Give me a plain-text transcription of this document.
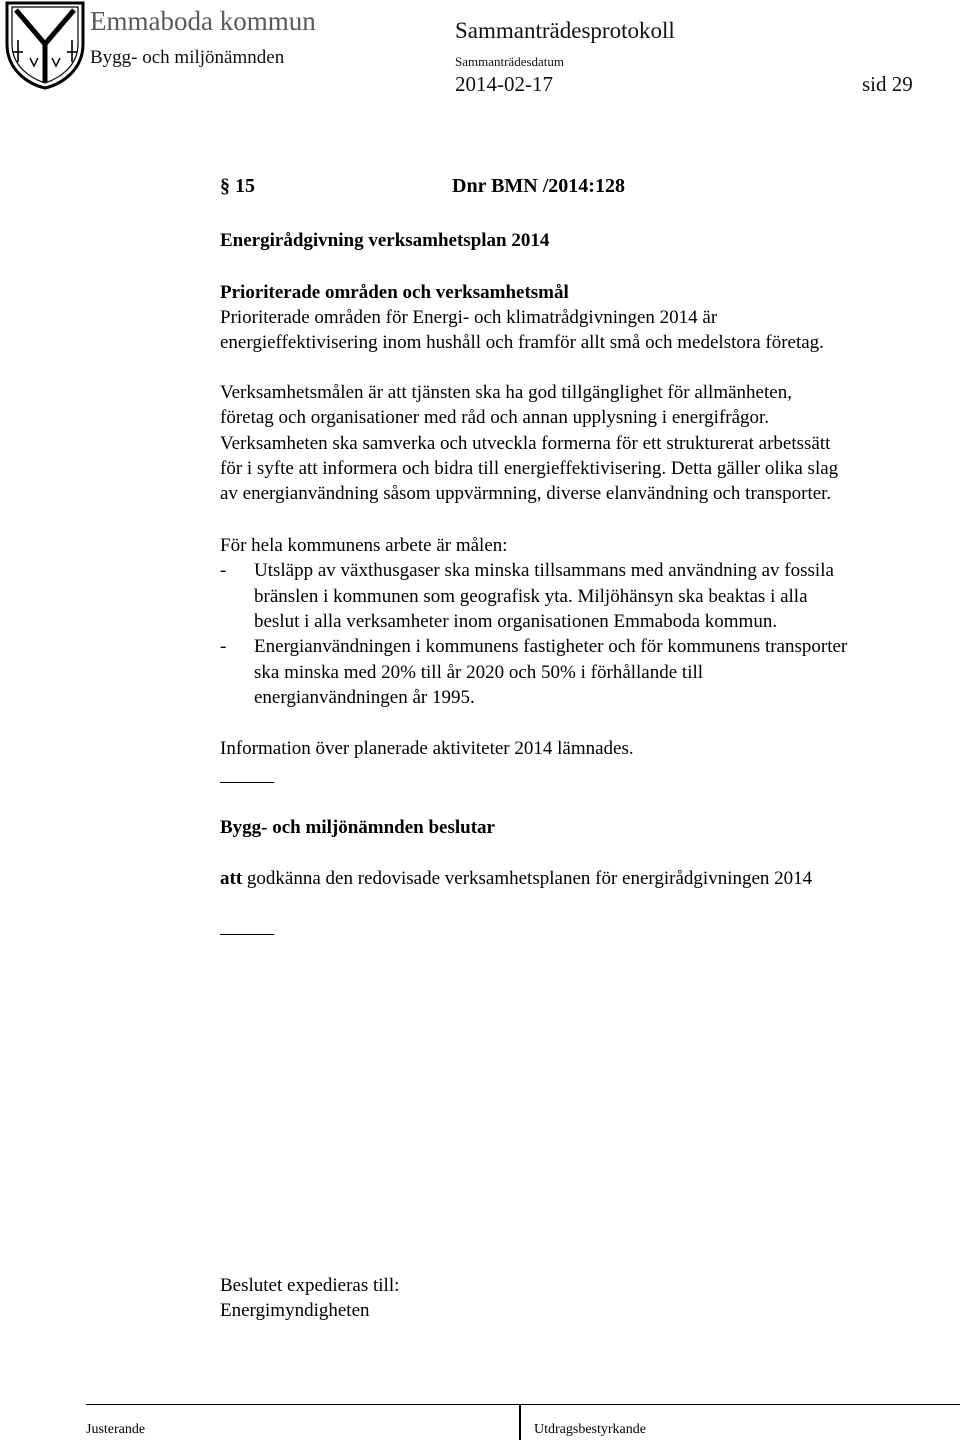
Emmaboda kommun
Bygg- och miljönämnden
Sammanträdesprotokoll
Sammanträdesdatum
2014-02-17	sid 29
§ 15	Dnr BMN /2014:128
Energirådgivning verksamhetsplan 2014
Prioriterade områden och verksamhetsmål
Prioriterade områden för Energi- och klimatrådgivningen 2014 är
energieffektivisering inom hushåll och framför allt små och medelstora företag.
Verksamhetsmålen är att tjänsten ska ha god tillgänglighet för allmänheten,
företag och organisationer med råd och annan upplysning i energifrågor.
Verksamheten ska samverka och utveckla formerna för ett strukturerat arbetssätt
för i syfte att informera och bidra till energieffektivisering. Detta gäller olika slag
av energianvändning såsom uppvärmning, diverse elanvändning och transporter.
För hela kommunens arbete är målen:
- Utsläpp av växthusgaser ska minska tillsammans med användning av fossila
bränslen i kommunen som geografisk yta. Miljöhänsyn ska beaktas i alla
beslut i alla verksamheter inom organisationen Emmaboda kommun.
- Energianvändningen i kommunens fastigheter och för kommunens transporter
ska minska med 20% till år 2020 och 50% i förhållande till
energianvändningen år 1995.
Information över planerade aktiviteter 2014 lämnades.
Bygg- och miljönämnden beslutar
att godkänna den redovisade verksamhetsplanen för energirådgivningen 2014
Beslutet expedieras till:
Energimyndigheten
Justerande	Utdragsbestyrkande
